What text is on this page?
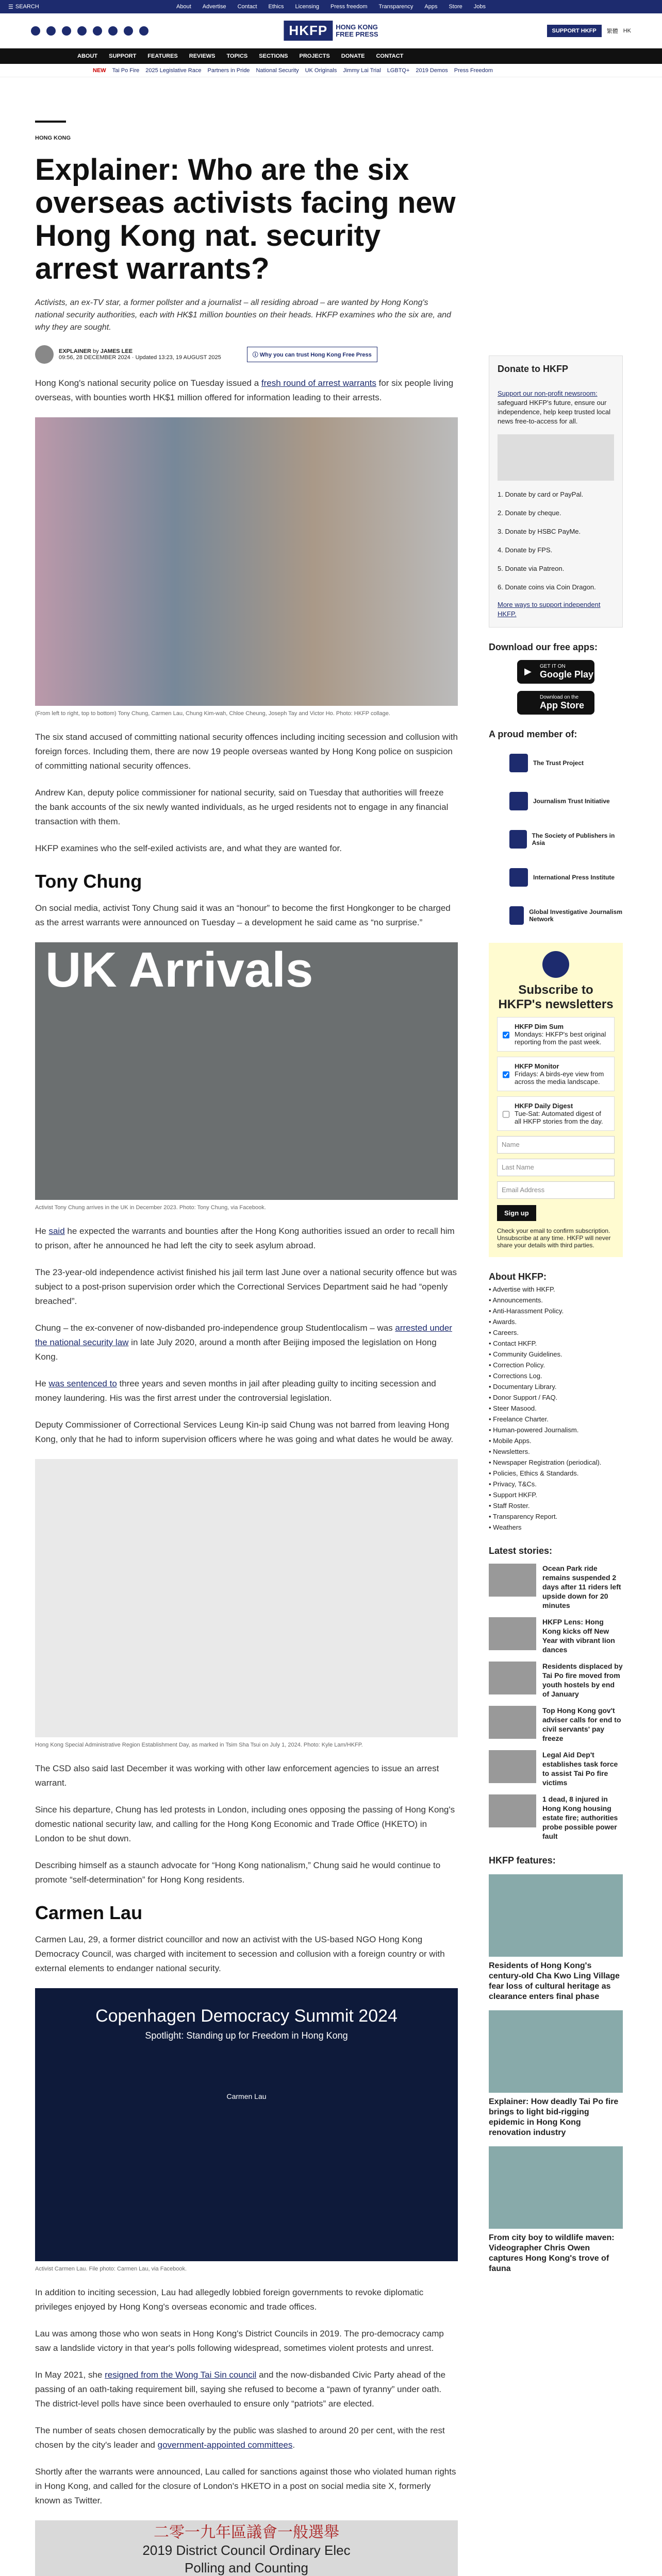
☰ SEARCH	About Advertise Contact Ethics Licensing Press freedom Transparency Apps Store Jobs
HKFP	HONG KONG
FREE PRESS	SUPPORT HKFP	繁體 HK
ABOUT SUPPORT FEATURES REVIEWS TOPICS SECTIONS PROJECTS DONATE CONTACT
NEW Tai Po Fire 2025 Legislative Race Partners in Pride National Security UK Originals Jimmy Lai Trial LGBTQ+ 2019 Demos Press Freedom
HONG KONG
Explainer: Who are the six overseas activists facing new Hong Kong nat. security arrest warrants?
Activists, an ex-TV star, a former pollster and a journalist – all residing abroad – are wanted by Hong Kong's national security authorities, each with HK$1 million bounties on their heads. HKFP examines who the six are, and why they are sought.
EXPLAINER by JAMES LEE
09:56, 28 DECEMBER 2024 · Updated 13:23, 19 AUGUST 2025	ⓘ Why you can trust Hong Kong Free Press

Hong Kong's national security police on Tuesday issued a fresh round of arrest warrants for six people living overseas, with bounties worth HK$1 million offered for information leading to their arrests.

(From left to right, top to bottom) Tony Chung, Carmen Lau, Chung Kim-wah, Chloe Cheung, Joseph Tay and Victor Ho. Photo: HKFP collage.

The six stand accused of committing national security offences including inciting secession and collusion with foreign forces. Including them, there are now 19 people overseas wanted by Hong Kong police on suspicion of committing national security offences.

Andrew Kan, deputy police commissioner for national security, said on Tuesday that authorities will freeze the bank accounts of the six newly wanted individuals, as he urged residents not to engage in any financial transaction with them.

HKFP examines who the self-exiled activists are, and what they are wanted for.

Tony Chung

On social media, activist Tony Chung said it was an “honour” to become the first Hongkonger to be charged as the arrest warrants were announced on Tuesday – a development he said came as “no surprise.”

UK Arrivals
Activist Tony Chung arrives in the UK in December 2023. Photo: Tony Chung, via Facebook.

He said he expected the warrants and bounties after the Hong Kong authorities issued an order to recall him to prison, after he announced he had left the city to seek asylum abroad.

The 23-year-old independence activist finished his jail term last June over a national security offence but was subject to a post-prison supervision order which the Correctional Services Department said he had “openly breached”.

Chung – the ex-convener of now-disbanded pro-independence group Studentlocalism – was arrested under the national security law in late July 2020, around a month after Beijing imposed the legislation on Hong Kong.

He was sentenced to three years and seven months in jail after pleading guilty to inciting secession and money laundering. His was the first arrest under the controversial legislation.

Deputy Commissioner of Correctional Services Leung Kin-ip said Chung was not barred from leaving Hong Kong, only that he had to inform supervision officers where he was going and what dates he would be away.

Hong Kong Special Administrative Region Establishment Day, as marked in Tsim Sha Tsui on July 1, 2024. Photo: Kyle Lam/HKFP.

The CSD also said last December it was working with other law enforcement agencies to issue an arrest warrant.

Since his departure, Chung has led protests in London, including ones opposing the passing of Hong Kong's domestic national security law, and calling for the Hong Kong Economic and Trade Office (HKETO) in London to be shut down.

Describing himself as a staunch advocate for “Hong Kong nationalism,” Chung said he would continue to promote “self-determination” for Hong Kong residents.

Carmen Lau

Carmen Lau, 29, a former district councillor and now an activist with the US-based NGO Hong Kong Democracy Council, was charged with incitement to secession and collusion with a foreign country or with external elements to endanger national security.

Copenhagen Democracy Summit 2024
Spotlight: Standing up for Freedom in Hong Kong
Carmen Lau
Activist Carmen Lau. File photo: Carmen Lau, via Facebook.

In addition to inciting secession, Lau had allegedly lobbied foreign governments to revoke diplomatic privileges enjoyed by Hong Kong's overseas economic and trade offices.

Lau was among those who won seats in Hong Kong's District Councils in 2019. The pro-democracy camp saw a landslide victory in that year's polls following widespread, sometimes violent protests and unrest.

In May 2021, she resigned from the Wong Tai Sin council and the now-disbanded Civic Party ahead of the passing of an oath-taking requirement bill, saying she refused to become a “pawn of tyranny” under oath. The district-level polls have since been overhauled to ensure only “patriots” are elected.

The number of seats chosen democratically by the public was slashed to around 20 per cent, with the rest chosen by the city's leader and government-appointed committees.

Shortly after the warrants were announced, Lau called for sanctions against those who violated human rights in Hong Kong, and called for the closure of London's HKETO in a post on social media site X, formerly known as Twitter.

二零一九年區議會一般選舉
2019 District Council Ordinary Elec
Polling and Counting
Donate to HKFP
Support our non-profit newsroom: safeguard HKFP's future, ensure our independence, help keep trusted local news free-to-access for all.
1. Donate by card or PayPal.
2. Donate by cheque.
3. Donate by HSBC PayMe.
4. Donate by FPS.
5. Donate via Patreon.
6. Donate coins via Coin Dragon.
More ways to support independent HKFP.
Download our free apps:
▶ GET IT ON
Google Play
Download on the
App Store
A proud member of:
The Trust Project
Journalism Trust Initiative
The Society of Publishers in Asia
International Press Institute
Global Investigative Journalism Network
Subscribe to HKFP's newsletters
HKFP Dim Sum
Mondays: HKFP's best original reporting from the past week.
HKFP Monitor
Fridays: A birds-eye view from across the media landscape.
HKFP Daily Digest
Tue-Sat: Automated digest of all HKFP stories from the day.
Name
Last Name
Email Address
Sign up
Check your email to confirm subscription. Unsubscribe at any time. HKFP will never share your details with third parties.
About HKFP:
• Advertise with HKFP.
• Announcements.
• Anti-Harassment Policy.
• Awards.
• Careers.
• Contact HKFP.
• Community Guidelines.
• Correction Policy.
• Corrections Log.
• Documentary Library.
• Donor Support / FAQ.
• Steer Masood.
• Freelance Charter.
• Human-powered Journalism.
• Mobile Apps.
• Newsletters.
• Newspaper Registration (periodical).
• Policies, Ethics & Standards.
• Privacy, T&Cs.
• Support HKFP.
• Staff Roster.
• Transparency Report.
• Weathers
Latest stories:
Ocean Park ride remains suspended 2 days after 11 riders left upside down for 20 minutes
HKFP Lens: Hong Kong kicks off New Year with vibrant lion dances
Residents displaced by Tai Po fire moved from youth hostels by end of January
Top Hong Kong gov't adviser calls for end to civil servants' pay freeze
Legal Aid Dep't establishes task force to assist Tai Po fire victims
1 dead, 8 injured in Hong Kong housing estate fire; authorities probe possible power fault
HKFP features:
Residents of Hong Kong's century-old Cha Kwo Ling Village fear loss of cultural heritage as clearance enters final phase
Explainer: How deadly Tai Po fire brings to light bid-rigging epidemic in Hong Kong renovation industry
From city boy to wildlife maven: Videographer Chris Owen captures Hong Kong's trove of fauna
